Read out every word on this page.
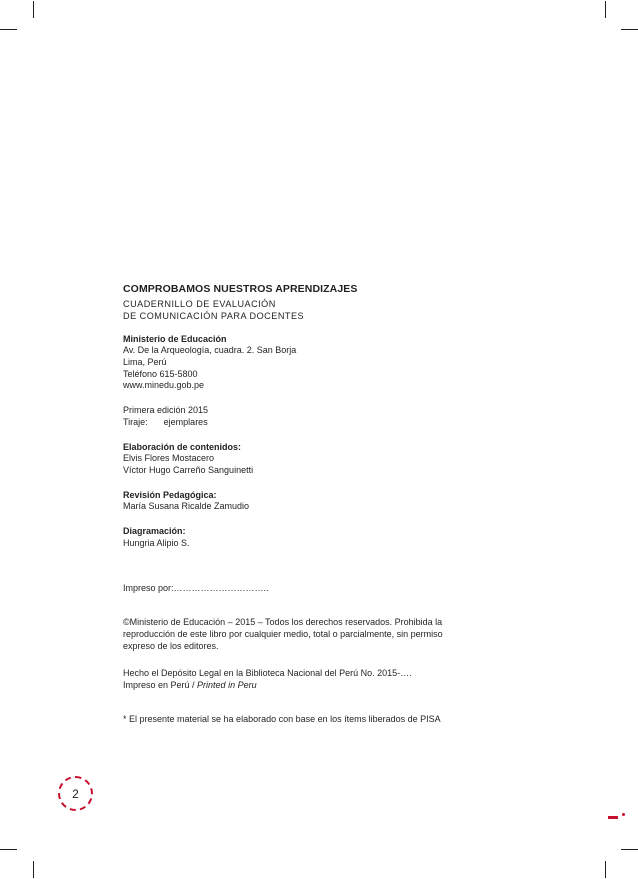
COMPROBAMOS NUESTROS APRENDIZAJES
CUADERNILLO DE EVALUACIÓN
DE COMUNICACIÓN PARA DOCENTES
Ministerio de Educación
Av. De la Arqueología, cuadra. 2. San Borja
Lima, Perú
Teléfono 615-5800
www.minedu.gob.pe
Primera edición 2015
Tiraje: ejemplares
Elaboración de contenidos:
Elvis Flores Mostacero
Víctor Hugo Carreño Sanguinetti
Revisión Pedagógica:
María Susana Ricalde Zamudio
Diagramación:
Hungria Alipio S.
Impreso por:…………………………..
©Ministerio de Educación – 2015 – Todos los derechos reservados. Prohibida la
reproducción de este libro por cualquier medio, total o parcialmente, sin permiso
expreso de los editores.
Hecho el Depósito Legal en la Biblioteca Nacional del Perú No. 2015-….
Impreso en Perú / Printed in Peru
* El presente material se ha elaborado con base en los ítems liberados de PISA
2
